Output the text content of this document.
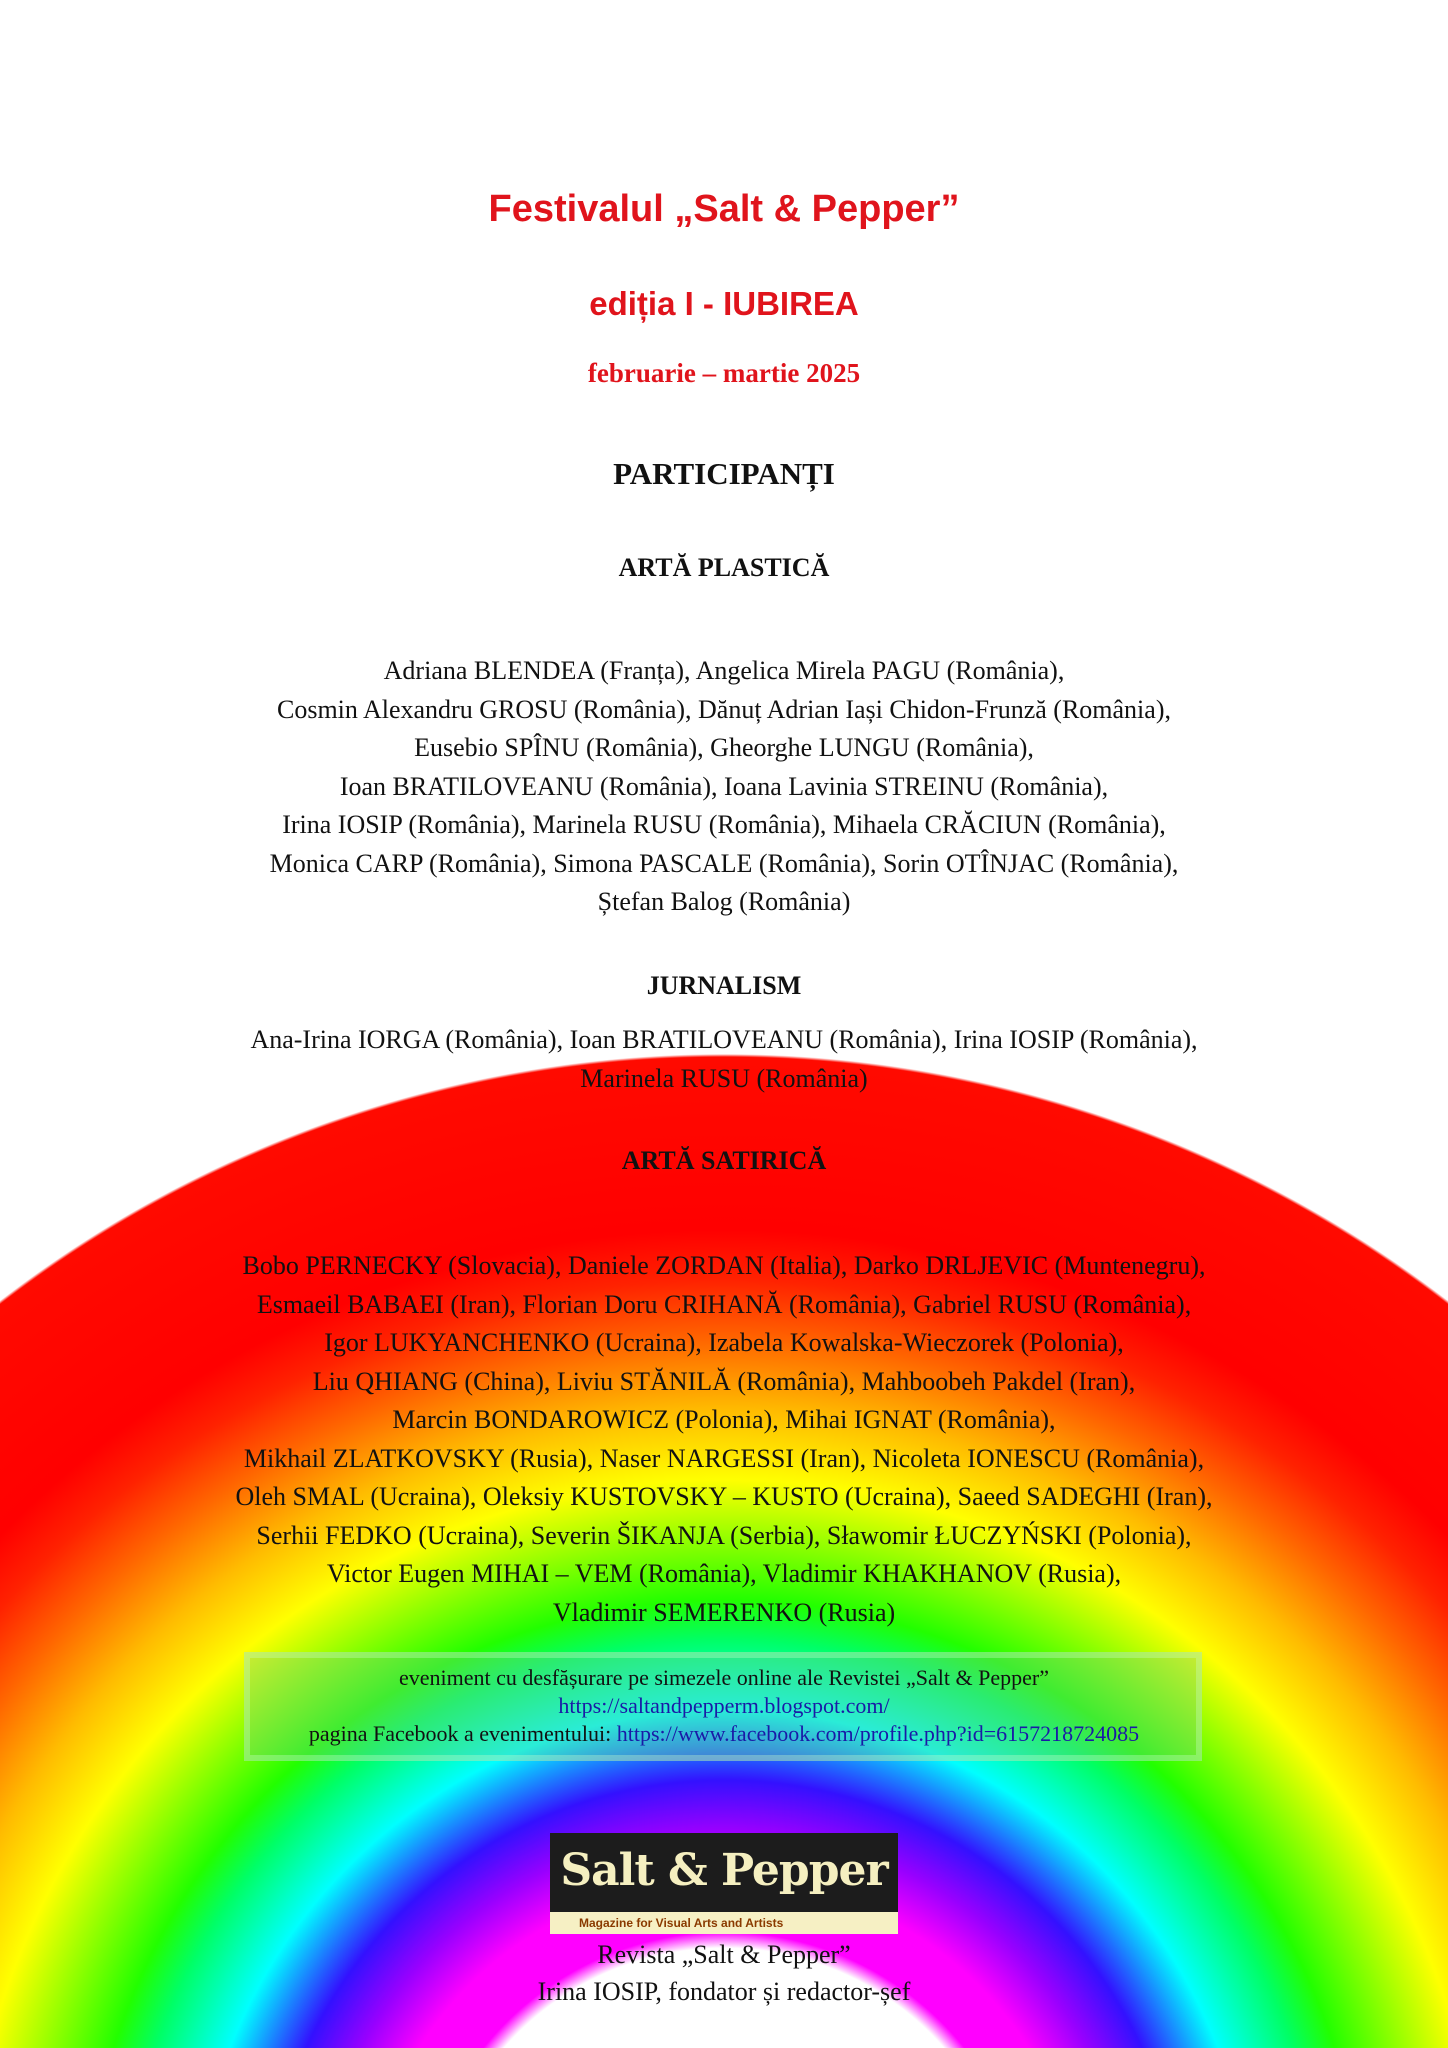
Festivalul „Salt & Pepper”
ediția I - IUBIREA
februarie – martie 2025
PARTICIPANȚI
ARTĂ PLASTICĂ
Adriana BLENDEA (Franța), Angelica Mirela PAGU (România),
Cosmin Alexandru GROSU (România), Dănuț Adrian Iași Chidon-Frunză (România),
Eusebio SPÎNU (România), Gheorghe LUNGU (România),
Ioan BRATILOVEANU (România), Ioana Lavinia STREINU (România),
Irina IOSIP (România), Marinela RUSU (România), Mihaela CRĂCIUN (România),
Monica CARP (România), Simona PASCALE (România), Sorin OTÎNJAC (România),
Ștefan Balog (România)
JURNALISM
Ana-Irina IORGA (România), Ioan BRATILOVEANU (România), Irina IOSIP (România),
Marinela RUSU (România)
ARTĂ SATIRICĂ
Bobo PERNECKY (Slovacia), Daniele ZORDAN (Italia), Darko DRLJEVIC (Muntenegru),
Esmaeil BABAEI (Iran), Florian Doru CRIHANĂ (România), Gabriel RUSU (România),
Igor LUKYANCHENKO (Ucraina), Izabela Kowalska-Wieczorek (Polonia),
Liu QHIANG (China), Liviu STĂNILĂ (România), Mahboobeh Pakdel (Iran),
Marcin BONDAROWICZ (Polonia), Mihai IGNAT (România),
Mikhail ZLATKOVSKY (Rusia), Naser NARGESSI (Iran), Nicoleta IONESCU (România),
Oleh SMAL (Ucraina), Oleksiy KUSTOVSKY – KUSTO (Ucraina), Saeed SADEGHI (Iran),
Serhii FEDKO (Ucraina), Severin ŠIKANJA (Serbia), Sławomir ŁUCZYŃSKI (Polonia),
Victor Eugen MIHAI – VEM (România), Vladimir KHAKHANOV (Rusia),
Vladimir SEMERENKO (Rusia)
eveniment cu desfășurare pe simezele online ale Revistei „Salt & Pepper”
https://saltandpepperm.blogspot.com/
pagina Facebook a evenimentului: https://www.facebook.com/profile.php?id=6157218724085
Salt & Pepper
Magazine for Visual Arts and Artists
Revista „Salt & Pepper”
Irina IOSIP, fondator și redactor-șef
